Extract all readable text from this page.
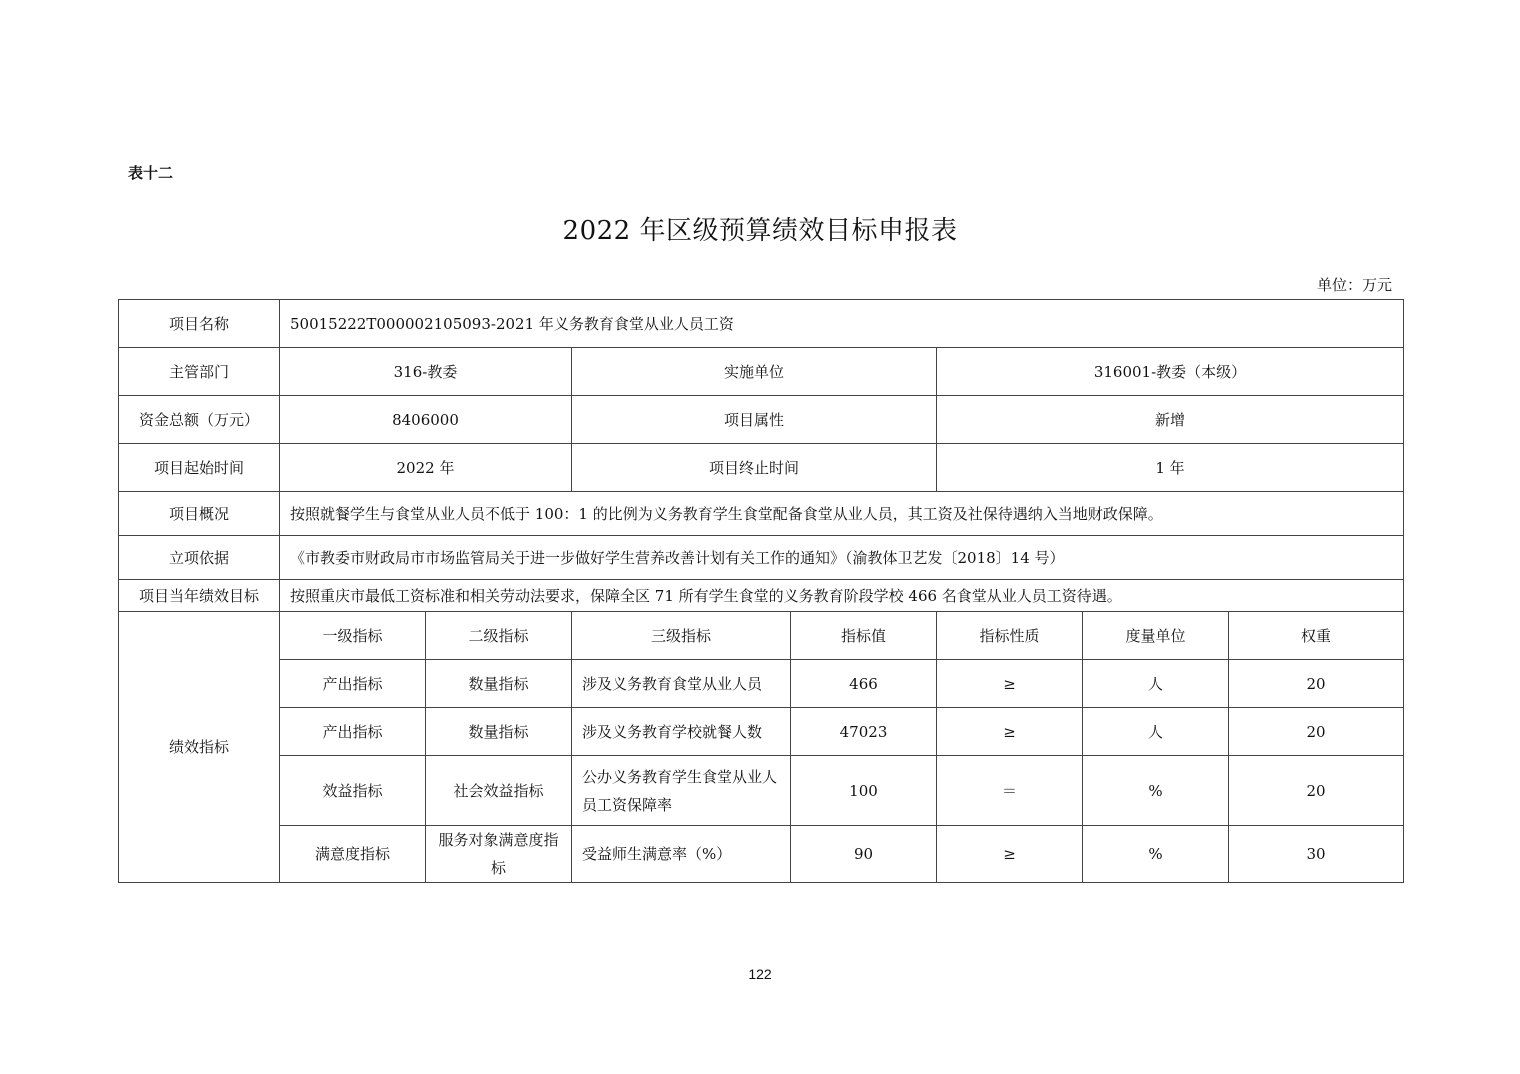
表十二
2022 年区级预算绩效目标申报表
单位：万元
项目名称	50015222T000002105093-2021 年义务教育食堂从业人员工资						
主管部门	316-教委		实施单位		316001-教委（本级）		
资金总额（万元）	8406000		项目属性		新增		
项目起始时间	2022 年		项目终止时间		1 年		
项目概况	按照就餐学生与食堂从业人员不低于 100：1 的比例为义务教育学生食堂配备食堂从业人员，其工资及社保待遇纳入当地财政保障。						
立项依据	《市教委市财政局市市场监管局关于进一步做好学生营养改善计划有关工作的通知》（渝教体卫艺发〔2018〕14 号）						
项目当年绩效目标	按照重庆市最低工资标准和相关劳动法要求，保障全区 71 所有学生食堂的义务教育阶段学校 466 名食堂从业人员工资待遇。						
绩效指标	一级指标	二级指标	三级指标	指标值	指标性质	度量单位	权重
	产出指标	数量指标	涉及义务教育食堂从业人员	466	≥	人	20
	产出指标	数量指标	涉及义务教育学校就餐人数	47023	≥	人	20
	效益指标	社会效益指标	公办义务教育学生食堂从业人员工资保障率	100	＝	%	20
	满意度指标	服务对象满意度指标	受益师生满意率（%）	90	≥	%	30
122
